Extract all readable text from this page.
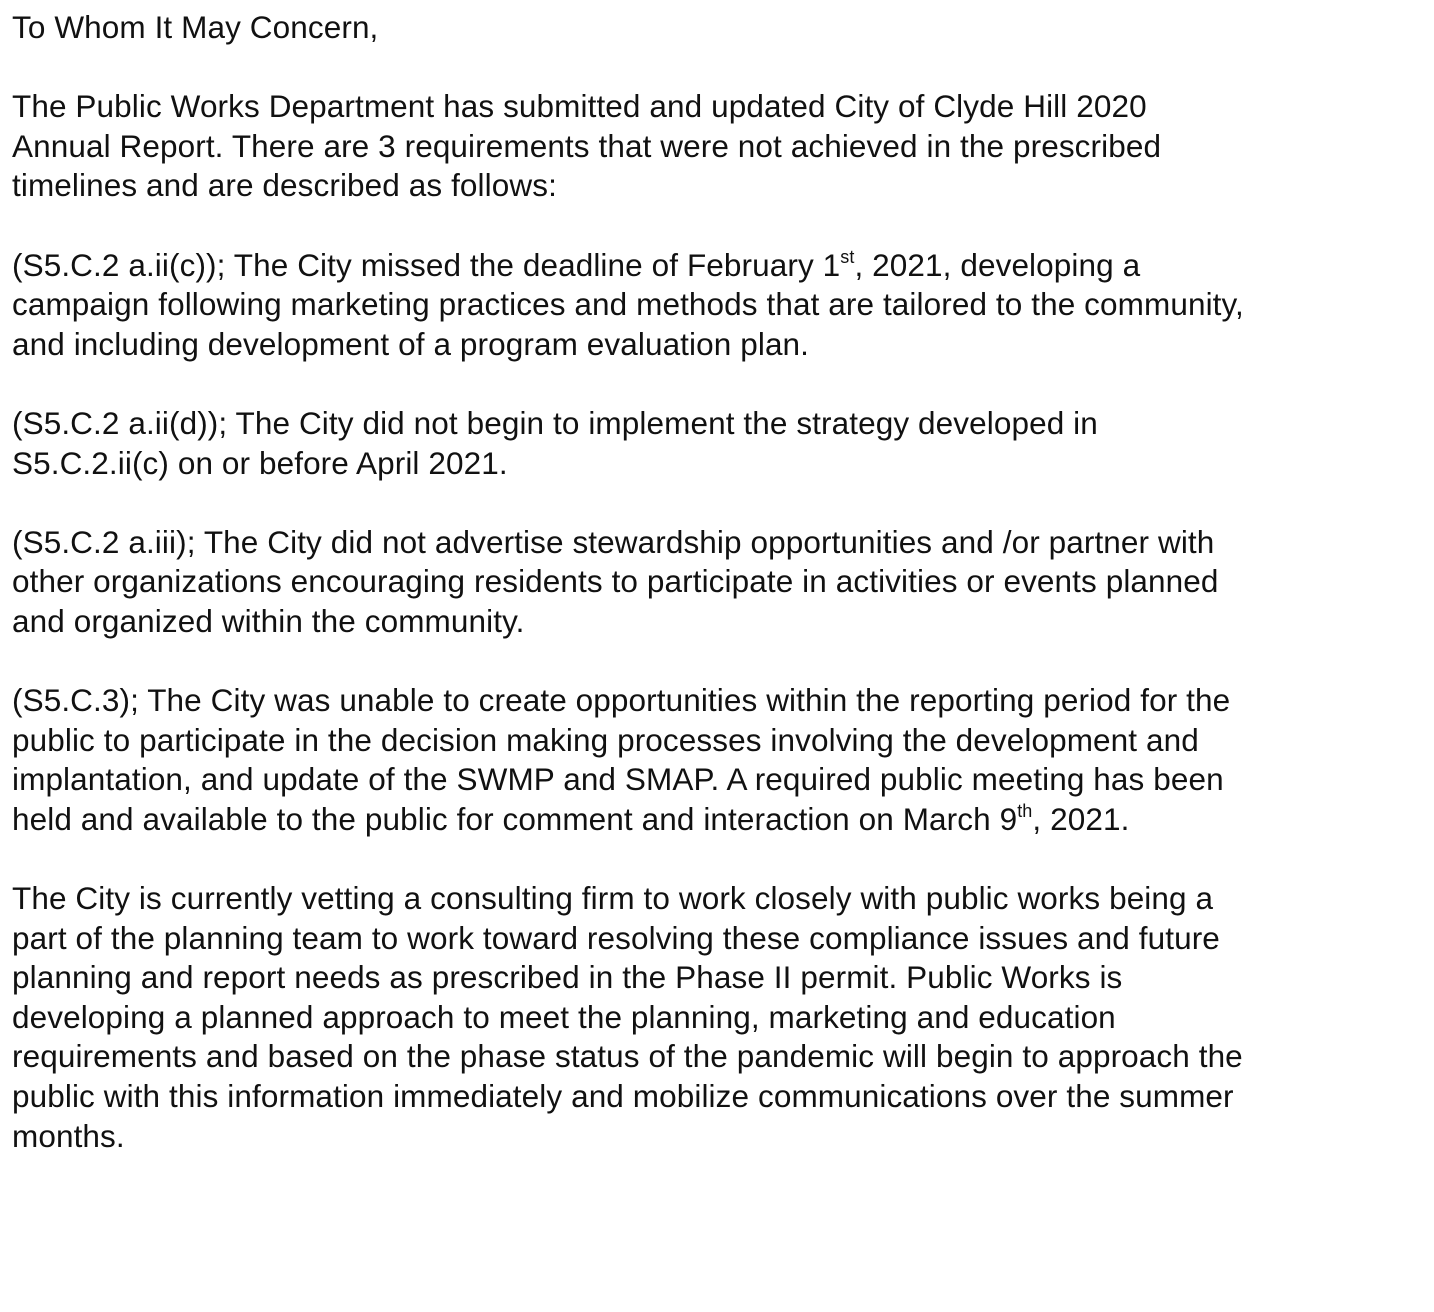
To Whom It May Concern,

The Public Works Department has submitted and updated City of Clyde Hill 2020
Annual Report. There are 3 requirements that were not achieved in the prescribed
timelines and are described as follows:

(S5.C.2 a.ii(c)); The City missed the deadline of February 1st, 2021, developing a
campaign following marketing practices and methods that are tailored to the community,
and including development of a program evaluation plan.

(S5.C.2 a.ii(d)); The City did not begin to implement the strategy developed in
S5.C.2.ii(c) on or before April 2021.

(S5.C.2 a.iii); The City did not advertise stewardship opportunities and /or partner with
other organizations encouraging residents to participate in activities or events planned
and organized within the community.

(S5.C.3); The City was unable to create opportunities within the reporting period for the
public to participate in the decision making processes involving the development and
implantation, and update of the SWMP and SMAP. A required public meeting has been
held and available to the public for comment and interaction on March 9th, 2021.

The City is currently vetting a consulting firm to work closely with public works being a
part of the planning team to work toward resolving these compliance issues and future
planning and report needs as prescribed in the Phase II permit. Public Works is
developing a planned approach to meet the planning, marketing and education
requirements and based on the phase status of the pandemic will begin to approach the
public with this information immediately and mobilize communications over the summer
months.
